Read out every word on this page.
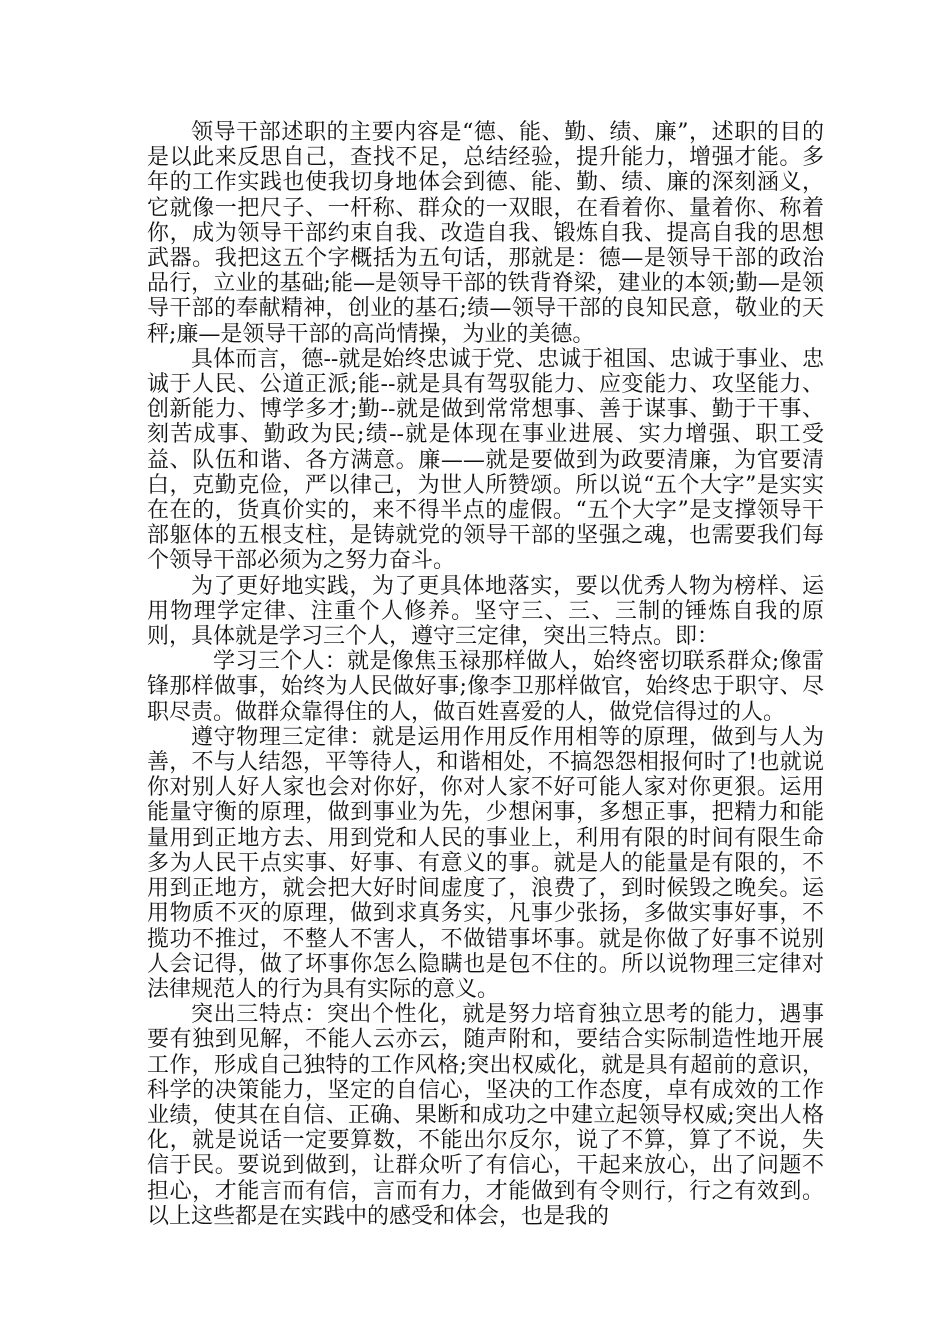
领导干部述职的主要内容是“德、能、勤、绩、廉”，述职的目的是以此来反思自己，查找不足，总结经验，提升能力，增强才能。多年的工作实践也使我切身地体会到德、能、勤、绩、廉的深刻涵义，它就像一把尺子、一杆称、群众的一双眼，在看着你、量着你、称着你，成为领导干部约束自我、改造自我、锻炼自我、提高自我的思想武器。我把这五个字概括为五句话，那就是：德—是领导干部的政治品行，立业的基础;能—是领导干部的铁背脊梁，建业的本领;勤—是领导干部的奉献精神，创业的基石;绩—领导干部的良知民意，敬业的天秤;廉—是领导干部的高尚情操，为业的美德。

具体而言，德--就是始终忠诚于党、忠诚于祖国、忠诚于事业、忠诚于人民、公道正派;能--就是具有驾驭能力、应变能力、攻坚能力、创新能力、博学多才;勤--就是做到常常想事、善于谋事、勤于干事、刻苦成事、勤政为民;绩--就是体现在事业进展、实力增强、职工受益、队伍和谐、各方满意。廉——就是要做到为政要清廉，为官要清白，克勤克俭，严以律己，为世人所赞颂。所以说“五个大字”是实实在在的，货真价实的，来不得半点的虚假。“五个大字”是支撑领导干部躯体的五根支柱，是铸就党的领导干部的坚强之魂，也需要我们每个领导干部必须为之努力奋斗。

为了更好地实践，为了更具体地落实，要以优秀人物为榜样、运用物理学定律、注重个人修养。坚守三、三、三制的锤炼自我的原则，具体就是学习三个人，遵守三定律，突出三特点。即：

学习三个人：就是像焦玉禄那样做人，始终密切联系群众;像雷锋那样做事，始终为人民做好事;像李卫那样做官，始终忠于职守、尽职尽责。做群众靠得住的人，做百姓喜爱的人，做党信得过的人。

遵守物理三定律：就是运用作用反作用相等的原理，做到与人为善，不与人结怨，平等待人，和谐相处，不搞怨怨相报何时了!也就说你对别人好人家也会对你好，你对人家不好可能人家对你更狠。运用能量守衡的原理，做到事业为先，少想闲事，多想正事，把精力和能量用到正地方去、用到党和人民的事业上，利用有限的时间有限生命多为人民干点实事、好事、有意义的事。就是人的能量是有限的，不用到正地方，就会把大好时间虚度了，浪费了，到时候毁之晚矣。运用物质不灭的原理，做到求真务实，凡事少张扬，多做实事好事，不揽功不推过，不整人不害人，不做错事坏事。就是你做了好事不说别人会记得，做了坏事你怎么隐瞒也是包不住的。所以说物理三定律对法律规范人的行为具有实际的意义。

突出三特点：突出个性化，就是努力培育独立思考的能力，遇事要有独到见解，不能人云亦云，随声附和，要结合实际制造性地开展工作，形成自己独特的工作风格;突出权威化，就是具有超前的意识，科学的决策能力，坚定的自信心，坚决的工作态度，卓有成效的工作业绩，使其在自信、正确、果断和成功之中建立起领导权威;突出人格化，就是说话一定要算数，不能出尔反尔，说了不算，算了不说，失信于民。要说到做到，让群众听了有信心，干起来放心，出了问题不担心，才能言而有信，言而有力，才能做到有令则行，行之有效到。以上这些都是在实践中的感受和体会，也是我的
